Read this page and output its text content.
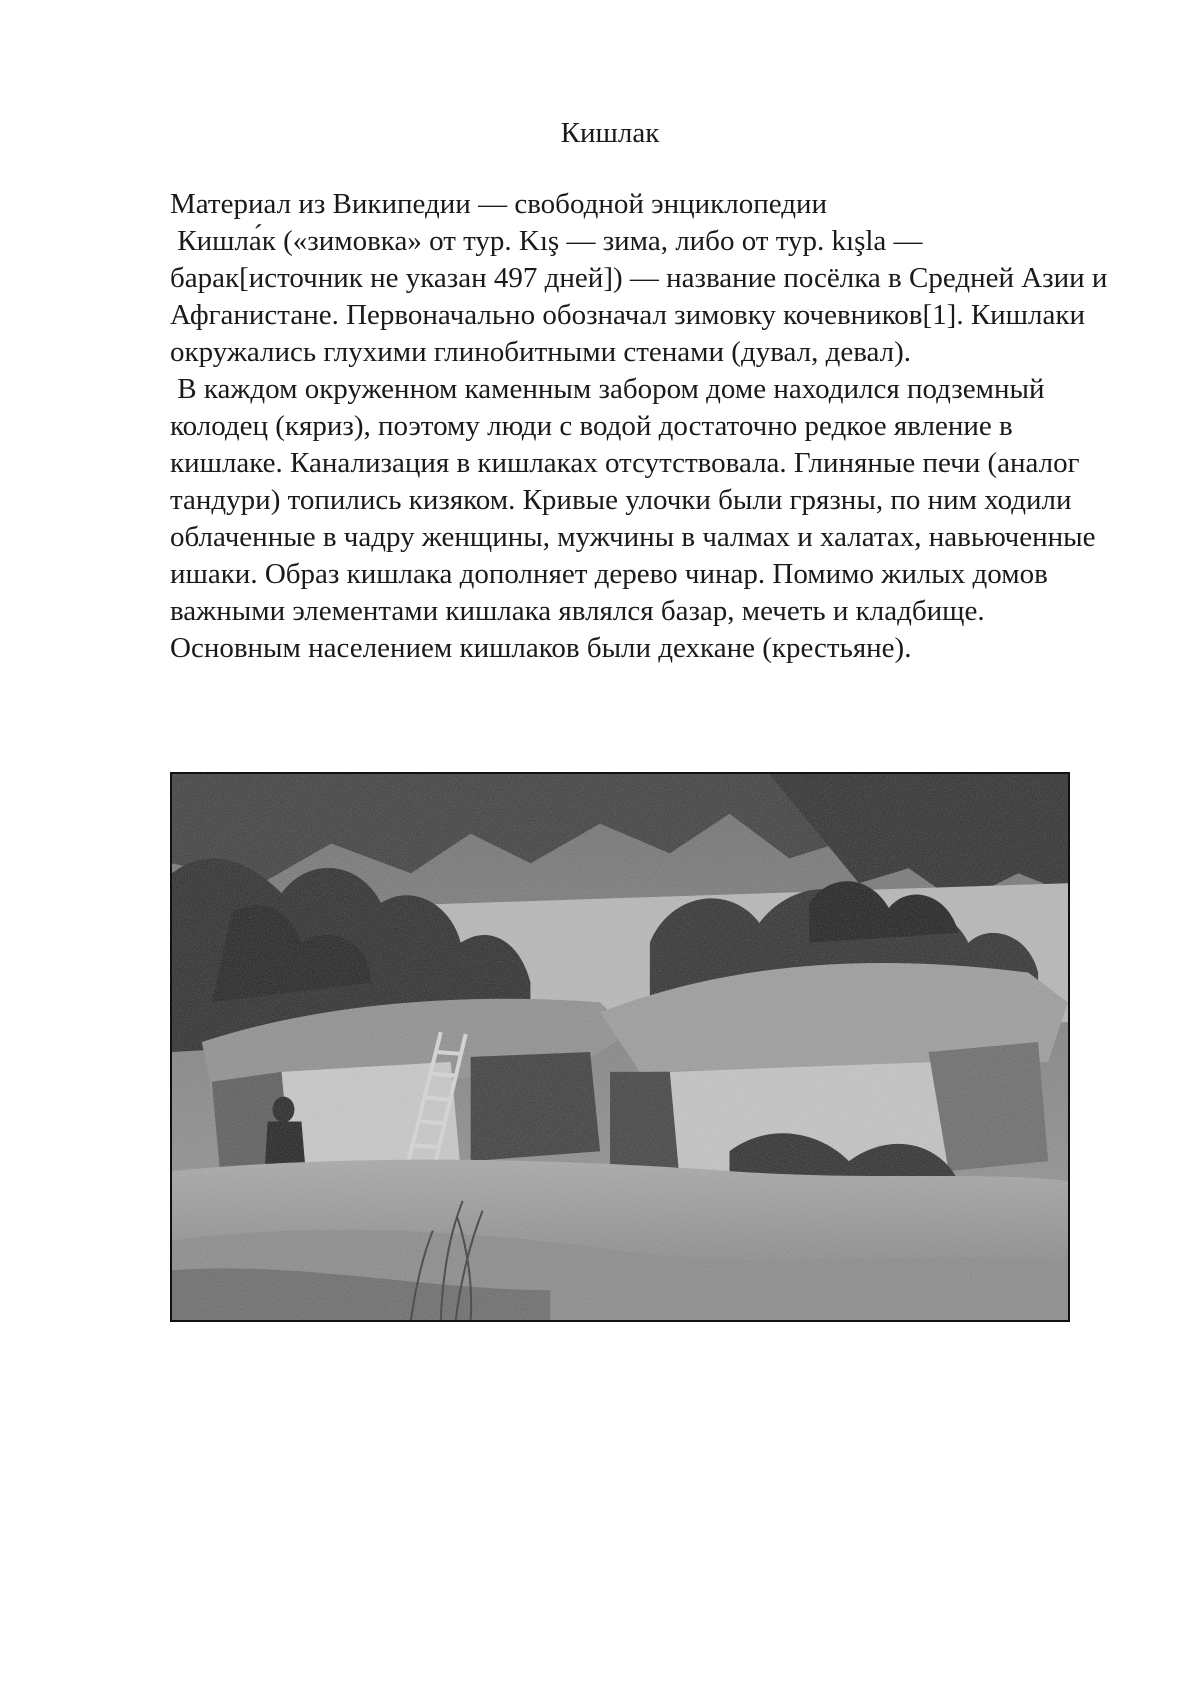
Кишлак

Материал из Википедии — свободной энциклопедии

Кишла́к («зимовка» от тур. Kış — зима, либо от тур. kışla — барак[источник не указан 497 дней]) — название посёлка в Средней Азии и Афганистане. Первоначально обозначал зимовку кочевников[1]. Кишлаки окружались глухими глинобитными стенами (дувал, девал).

В каждом окруженном каменным забором доме находился подземный колодец (кяриз), поэтому люди с водой достаточно редкое явление в кишлаке. Канализация в кишлаках отсутствовала. Глиняные печи (аналог тандури) топились кизяком. Кривые улочки были грязны, по ним ходили облаченные в чадру женщины, мужчины в чалмах и халатах, навьюченные ишаки. Образ кишлака дополняет дерево чинар. Помимо жилых домов важными элементами кишлака являлся базар, мечеть и кладбище. Основным населением кишлаков были дехкане (крестьяне).
